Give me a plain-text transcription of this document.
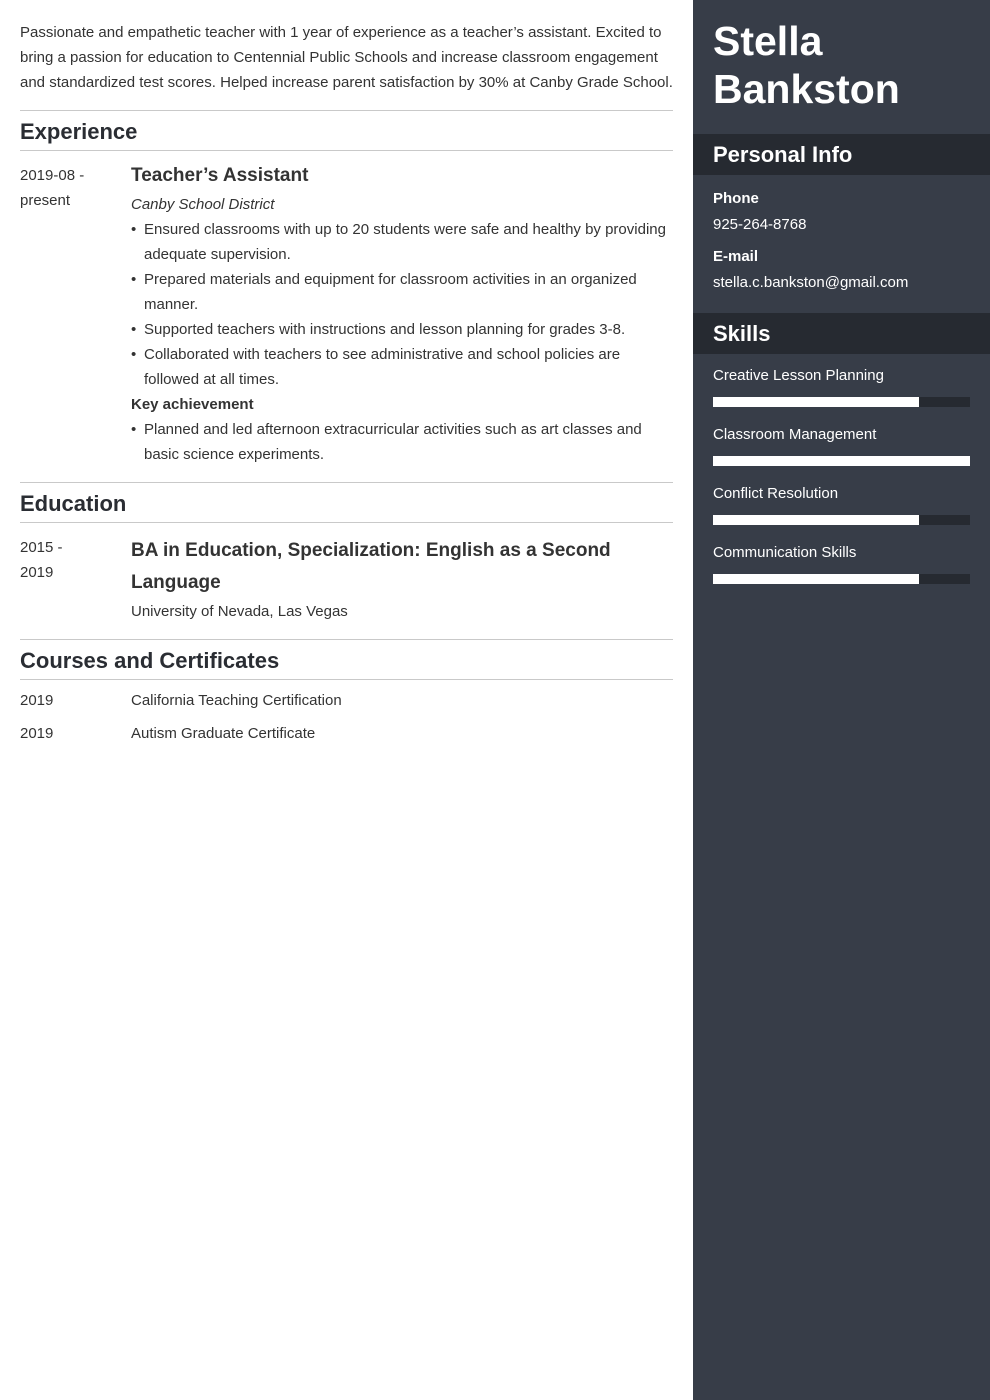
Passionate and empathetic teacher with 1 year of experience as a teacher’s assistant. Excited to bring a passion for education to Centennial Public Schools and increase classroom engagement and standardized test scores. Helped increase parent satisfaction by 30% at Canby Grade School.

Experience
2019-08 -
present
Teacher’s Assistant
Canby School District
• Ensured classrooms with up to 20 students were safe and healthy by providing adequate supervision.
• Prepared materials and equipment for classroom activities in an organized manner.
• Supported teachers with instructions and lesson planning for grades 3-8.
• Collaborated with teachers to see administrative and school policies are followed at all times.
Key achievement
• Planned and led afternoon extracurricular activities such as art classes and basic science experiments.
Education
2015 -
2019
BA in Education, Specialization: English as a Second Language
University of Nevada, Las Vegas
Courses and Certificates
2019	California Teaching Certification
2019	Autism Graduate Certificate
Stella
Bankston
Personal Info
Phone
925-264-8768
E-mail
stella.c.bankston@gmail.com
Skills
Creative Lesson Planning
Classroom Management
Conflict Resolution
Communication Skills
